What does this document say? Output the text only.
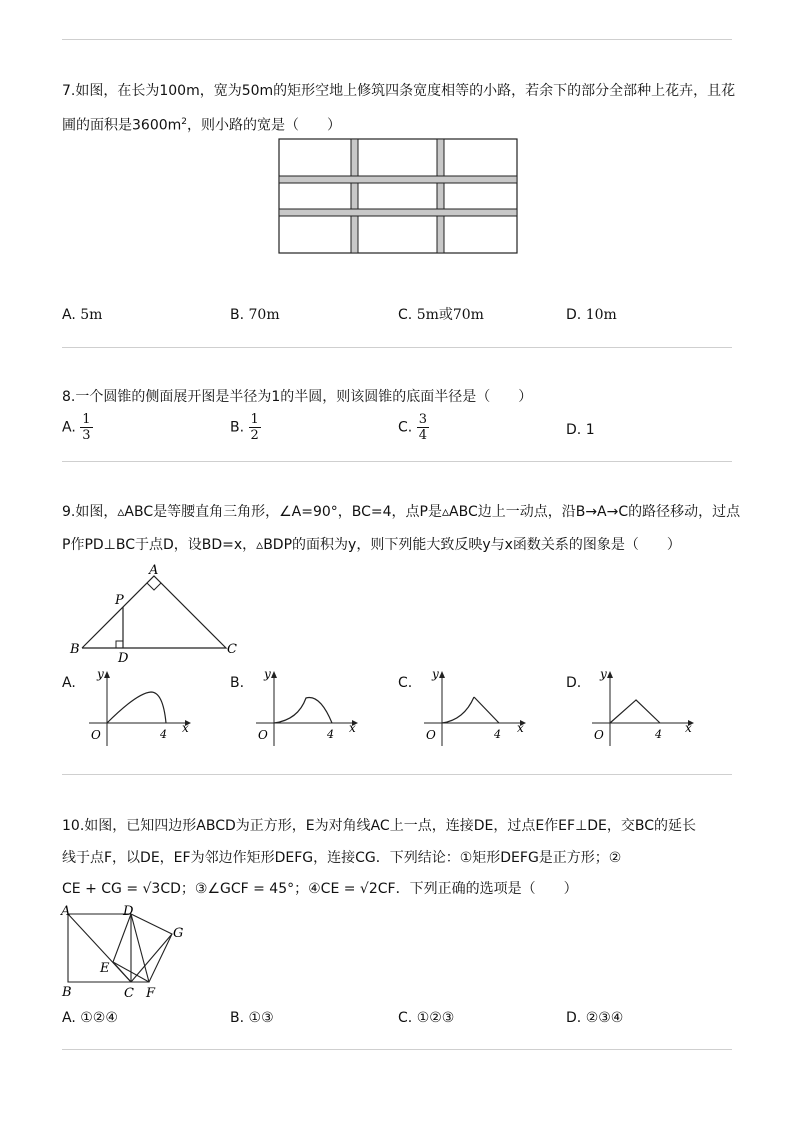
7.如图，在长为100m，宽为50m的矩形空地上修筑四条宽度相等的小路，若余下的部分全部种上花卉，且花
圃的面积是$3600m^2$，则小路的宽是（　　）
A. 5m	B. 70m	C. 5m或70m	D. 10m
8.一个圆锥的侧面展开图是半径为1的半圆，则该圆锥的底面半径是（　　）
A. $\frac{1}{3}$	B. $\frac{1}{2}$	C. $\frac{3}{4}$	D. 1
9.如图，▵ABC是等腰直角三角形，∠A=90°，BC=4，点P是▵ABC边上一动点，沿B→A→C的路径移动，过点
P作PD⊥BC于点D，设BD=x，▵BDP的面积为y，则下列能大致反映y与x函数关系的图象是（　　）
A
B	C
P
D
A.	B.	C.	D.
y
x
O	4
y
x
O	4
y
x
O	4
y
x
O	4
10.如图，已知四边形ABCD为正方形，E为对角线AC上一点，连接DE，过点E作EF⊥DE，交BC的延长
线于点F，以DE，EF为邻边作矩形DEFG，连接CG．下列结论：①矩形DEFG是正方形；②
CE + CG = √3CD；③∠GCF = 45°；④CE = √2CF．下列正确的选项是（　　）
A	D
G
E
B	C F
A. ①②④	B. ①③	C. ①②③	D. ②③④
